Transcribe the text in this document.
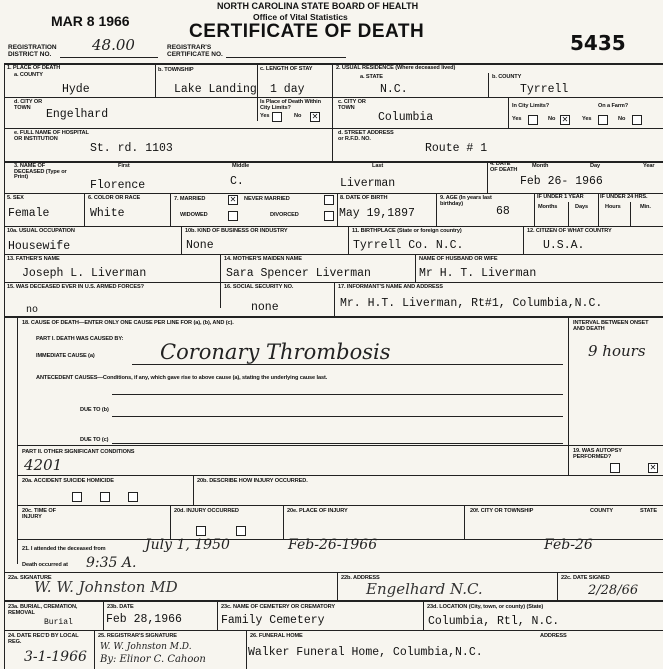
MAR 8 1966
NORTH CAROLINA STATE BOARD OF HEALTH
Office of Vital Statistics
CERTIFICATE OF DEATH	5435
REGISTRATION DISTRICT NO.	48.00	REGISTRAR'S CERTIFICATE NO.
1. PLACE OF DEATH
a. COUNTY
Hyde
b. TOWNSHIP
Lake Landing
c. LENGTH OF STAY
1 day
d. CITY OR TOWN
Engelhard
Is Place of Death Within City Limits?
Yes	No ✕
e. FULL NAME OF HOSPITAL OR INSTITUTION
St. rd. 1103
2. USUAL RESIDENCE (Where deceased lived)
a. STATE
N.C.
b. COUNTY
Tyrrell
c. CITY OR TOWN
Columbia
In City Limits?	On a Farm?
Yes	No ✕ Yes	No
d. STREET ADDRESS or R.F.D. NO.
Route # 1
3. NAME OF DECEASED (Type or Print)
First	Middle	Last
Florence	C.	Liverman
4. DATE OF DEATH
Month	Day	Year
Feb 26- 1966
5. SEX
Female
6. COLOR OR RACE
White
7. MARRIED	✕ NEVER MARRIED
WIDOWED	DIVORCED
8. DATE OF BIRTH
May 19,1897
9. AGE (In years last birthday)
68
IF UNDER 1 YEAR	IF UNDER 24 HRS.
Months	Days	Hours	Min.
10a. USUAL OCCUPATION
Housewife
10b. KIND OF BUSINESS OR INDUSTRY
None
11. BIRTHPLACE (State or foreign country)
Tyrrell Co. N.C.
12. CITIZEN OF WHAT COUNTRY
U.S.A.
13. FATHER'S NAME
Joseph L. Liverman
14. MOTHER'S MAIDEN NAME
Sara Spencer Liverman
NAME OF HUSBAND OR WIFE
Mr H. T. Liverman
15. WAS DECEASED EVER IN U.S. ARMED FORCES?
no
16. SOCIAL SECURITY NO.
none
17. INFORMANT'S NAME AND ADDRESS
Mr. H.T. Liverman, Rt#1, Columbia,N.C.
18. CAUSE OF DEATH—ENTER ONLY ONE CAUSE PER LINE FOR (a), (b), AND (c).	INTERVAL BETWEEN ONSET AND DEATH
PART I. DEATH WAS CAUSED BY:
IMMEDIATE CAUSE (a)	Coronary Thrombosis	9 hours
ANTECEDENT CAUSES—Conditions, if any, which gave rise to above cause (a), stating the underlying cause last.
DUE TO (b)
DUE TO (c)
PART II. OTHER SIGNIFICANT CONDITIONS
4201
19. WAS AUTOPSY PERFORMED?
✕
20a. ACCIDENT SUICIDE HOMICIDE	20b. DESCRIBE HOW INJURY OCCURRED.
20c. TIME OF INJURY
20d. INJURY OCCURRED	20e. PLACE OF INJURY	20f. CITY OR TOWNSHIP	COUNTY	STATE
21. I attended the deceased from	July 1, 1950	Feb-26-1966	Feb-26
Death occurred at 9:35 A.
22a. SIGNATURE
W. W. Johnston MD	22b. ADDRESS
Engelhard N.C.
22c. DATE SIGNED
2/28/66
23a. BURIAL, CREMATION, REMOVAL
Burial
23b. DATE
Feb 28,1966
23c. NAME OF CEMETERY OR CREMATORY
Family Cemetery
23d. LOCATION (City, town, or county) (State)
Columbia, Rtl, N.C.
24. DATE REC'D BY LOCAL REG.
3-1-1966
25. REGISTRAR'S SIGNATURE
W. W. Johnston M.D.
By: Elinor C. Cahoon
26. FUNERAL HOME	ADDRESS
Walker Funeral Home, Columbia,N.C.
